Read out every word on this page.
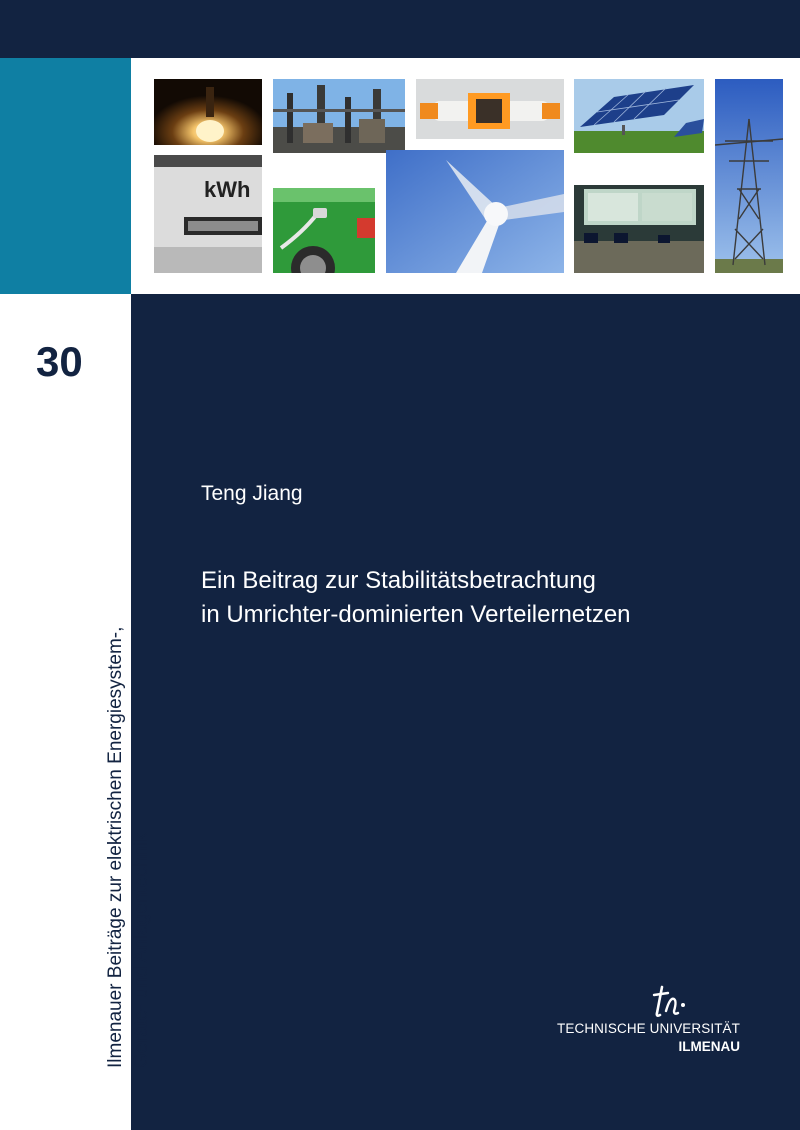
kWh
30
Ilmenauer Beiträge zur elektrischen Energiesystem-, Geräte- und Anlagentechnik

Teng Jiang

Ein Beitrag zur Stabilitätsbetrachtung
in Umrichter-dominierten Verteilernetzen
TECHNISCHE UNIVERSITÄT
ILMENAU
